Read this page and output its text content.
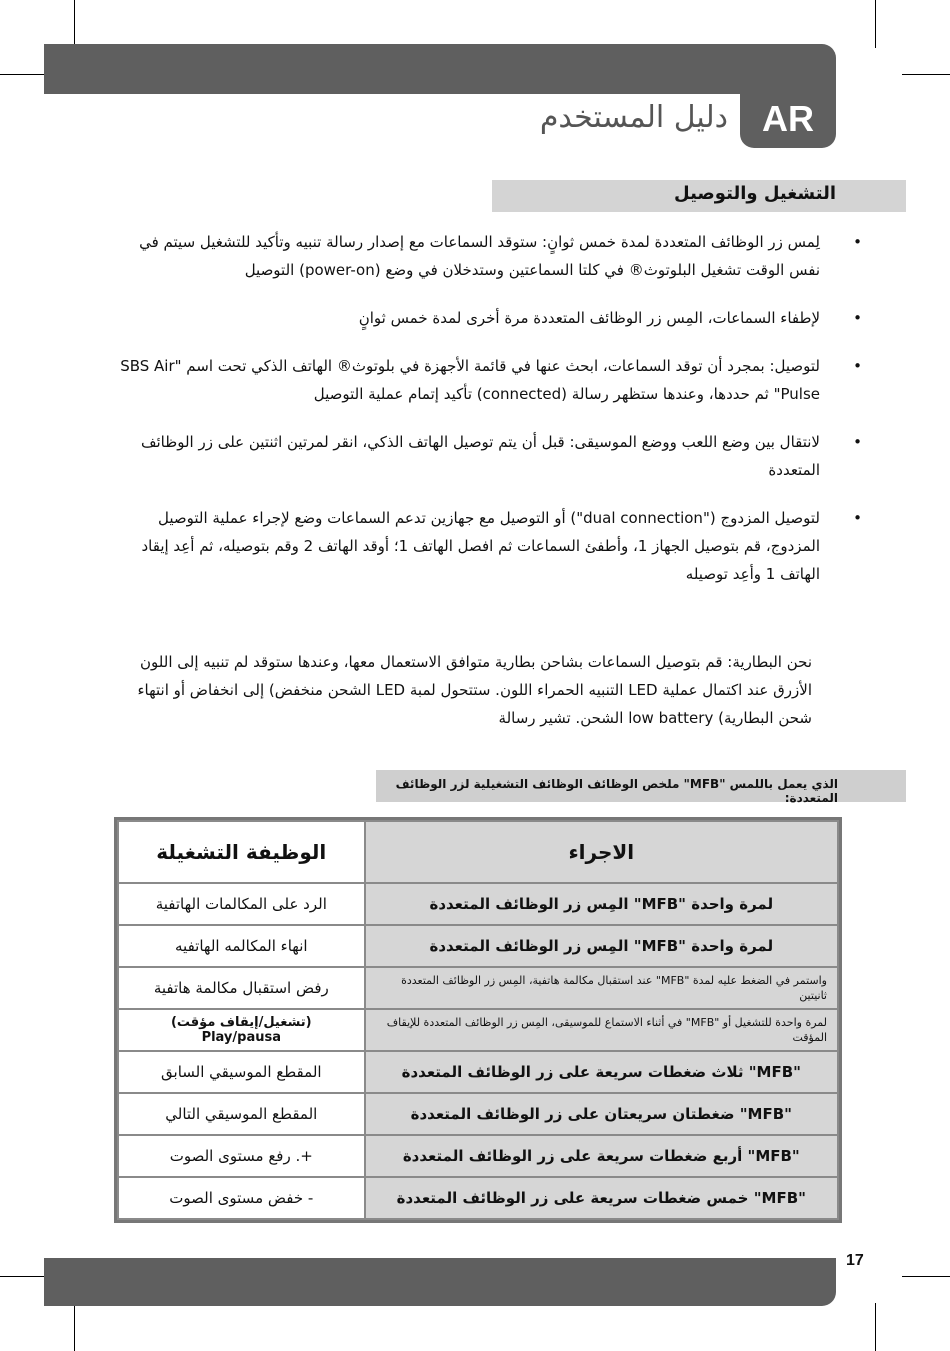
AR
دليل المستخدم
التشغيل والتوصيل
•
لِمس زر الوظائف المتعددة لمدة خمس ثوانٍ: ستوقد السماعات مع إصدار رسالة تنبيه وتأكيد للتشغيل سيتم في نفس الوقت تشغيل البلوتوث® في كلتا السماعتين وستدخلان في وضع (power-on) التوصيل
•
لإطفاء السماعات، المِس زر الوظائف المتعددة مرة أخرى لمدة خمس ثوانٍ
•
لتوصيل: بمجرد أن توقد السماعات، ابحث عنها في قائمة الأجهزة في بلوتوث® الهاتف الذكي تحت اسم "SBS Air Pulse" ثم حددها، وعندها ستظهر رسالة (connected) تأكيد إتمام عملية التوصيل
•
لانتقال بين وضع اللعب ووضع الموسيقى: قبل أن يتم توصيل الهاتف الذكي، انقر لمرتين اثنتين على زر الوظائف المتعددة
•
لتوصيل المزدوج ("dual connection") أو التوصيل مع جهازين تدعم السماعات وضع لإجراء عملية التوصيل المزدوج، قم بتوصيل الجهاز 1، وأطفئ السماعات ثم افصل الهاتف 1؛ أوقد الهاتف 2 وقم بتوصيله، ثم أعِد إيقاد الهاتف 1 وأعِد توصيله
نحن البطارية: قم بتوصيل السماعات بشاحن بطارية متوافق الاستعمال معها، وعندها ستوقد لم تنبيه إلى اللون الأزرق عند اكتمال عملية LED التنبيه الحمراء اللون. ستتحول لمبة LED الشحن منخفض) إلى انخفاض أو انتهاء شحن البطارية) low battery الشحن. تشير رسالة
الذي يعمل باللمس "MFB" ملخص الوظائف الوظائف التشغيلية لزر الوظائف المتعددة:
الاجراء	الوظيفة التشغيلة
لمرة واحدة "MFB" المِس زر الوظائف المتعددة	الرد على المكالمات الهاتفية
لمرة واحدة "MFB" المِس زر الوظائف المتعددة	انهاء المكالمه الهاتفيه
واستمر في الضغط عليه لمدة "MFB" عند استقبال مكالمة هاتفية، المِس زر الوظائف المتعددة ثانيتين	رفض استقبال مكالمة هاتفية
لمرة واحدة للتشغيل أو "MFB" في أثناء الاستماع للموسيقى، المِس زر الوظائف المتعددة للإيقاف المؤقت	(تشغيل/إيقاف مؤقت) Play/pausa
"MFB" ثلاث ضغطات سريعة على زر الوظائف المتعددة	المقطع الموسيقي السابق
"MFB" ضغطتان سريعتان على زر الوظائف المتعددة	المقطع الموسيقي التالي
"MFB" أربع ضغطات سريعة على زر الوظائف المتعددة	+. رفع مستوى الصوت
"MFB" خمس ضغطات سريعة على زر الوظائف المتعددة	- خفض مستوى الصوت
17
